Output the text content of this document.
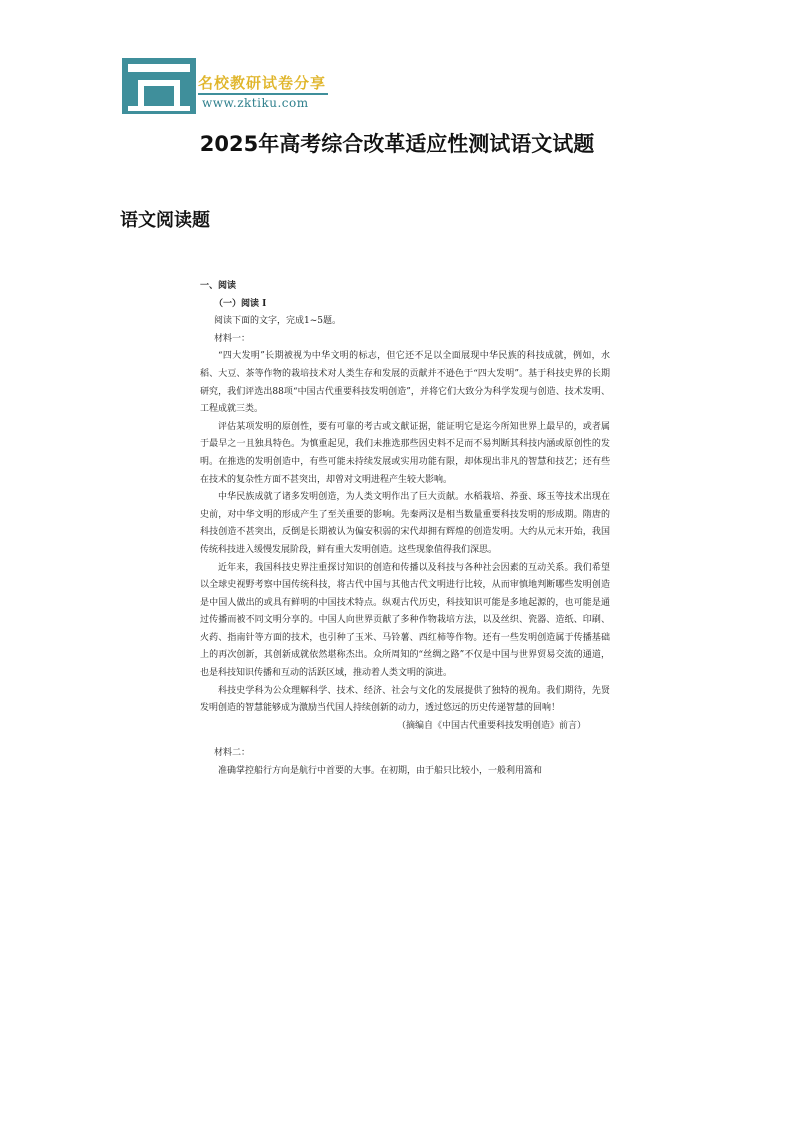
名校教研试卷分享
www.zktiku.com
2025年高考综合改革适应性测试语文试题
语文阅读题

一、阅读

（一）阅读 I

阅读下面的文字，完成1~5题。

材料一：

“四大发明”长期被视为中华文明的标志，但它还不足以全面展现中华民族的科技成就，例如，水稻、大豆、茶等作物的栽培技术对人类生存和发展的贡献并不逊色于“四大发明”。基于科技史界的长期研究，我们评选出88项“中国古代重要科技发明创造”，并将它们大致分为科学发现与创造、技术发明、工程成就三类。

评估某项发明的原创性，要有可靠的考古或文献证据，能证明它是迄今所知世界上最早的，或者属于最早之一且独具特色。为慎重起见，我们未推选那些因史料不足而不易判断其科技内涵或原创性的发明。在推选的发明创造中，有些可能未持续发展或实用功能有限，却体现出非凡的智慧和技艺；还有些在技术的复杂性方面不甚突出，却曾对文明进程产生较大影响。

中华民族成就了诸多发明创造，为人类文明作出了巨大贡献。水稻栽培、养蚕、琢玉等技术出现在史前，对中华文明的形成产生了至关重要的影响。先秦两汉是相当数量重要科技发明的形成期。隋唐的科技创造不甚突出，反倒是长期被认为偏安积弱的宋代却拥有辉煌的创造发明。大约从元末开始，我国传统科技进入缓慢发展阶段，鲜有重大发明创造。这些现象值得我们深思。

近年来，我国科技史界注重探讨知识的创造和传播以及科技与各种社会因素的互动关系。我们希望以全球史视野考察中国传统科技，将古代中国与其他古代文明进行比较，从而审慎地判断哪些发明创造是中国人做出的或具有鲜明的中国技术特点。纵观古代历史，科技知识可能是多地起源的，也可能是通过传播而被不同文明分享的。中国人向世界贡献了多种作物栽培方法，以及丝织、瓷器、造纸、印刷、火药、指南针等方面的技术，也引种了玉米、马铃薯、西红柿等作物。还有一些发明创造属于传播基础上的再次创新，其创新成就依然堪称杰出。众所周知的“丝绸之路”不仅是中国与世界贸易交流的通道，也是科技知识传播和互动的活跃区域，推动着人类文明的演进。

科技史学科为公众理解科学、技术、经济、社会与文化的发展提供了独特的视角。我们期待，先贤发明创造的智慧能够成为激励当代国人持续创新的动力，透过悠远的历史传递智慧的回响！

（摘编自《中国古代重要科技发明创造》前言）

材料二：

准确掌控船行方向是航行中首要的大事。在初期，由于船只比较小，一般利用篙和
